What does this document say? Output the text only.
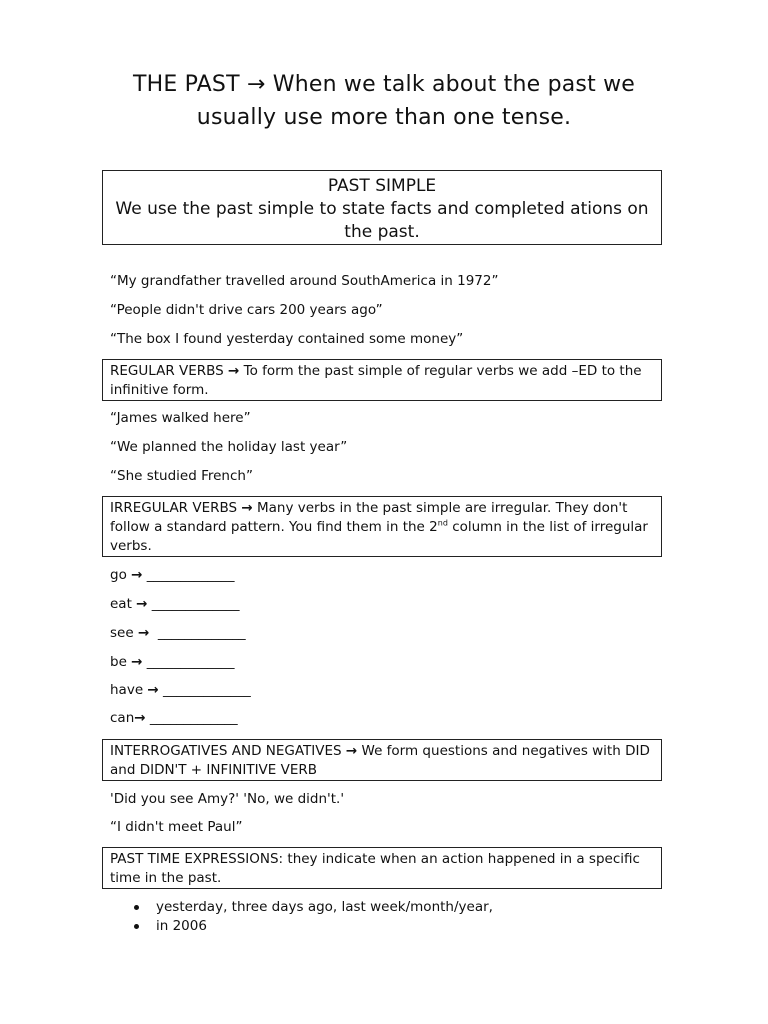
THE PAST → When we talk about the past we
usually use more than one tense.
PAST SIMPLE
We use the past simple to state facts and completed ations on the past.
“My grandfather travelled around SouthAmerica in 1972”
“People didn't drive cars 200 years ago”
“The box I found yesterday contained some money”
REGULAR VERBS → To form the past simple of regular verbs we add –ED to the infinitive form.
“James walked here”
“We planned the holiday last year”
“She studied French”
IRREGULAR VERBS → Many verbs in the past simple are irregular. They don't follow a standard pattern. You find them in the 2nd column in the list of irregular verbs.
go → _____________
eat → _____________
see → _____________
be → _____________
have → _____________
can→ _____________
INTERROGATIVES AND NEGATIVES → We form questions and negatives with DID and DIDN'T + INFINITIVE VERB
'Did you see Amy?' 'No, we didn't.'
“I didn't meet Paul”
PAST TIME EXPRESSIONS: they indicate when an action happened in a specific time in the past.
yesterday, three days ago, last week/month/year,
in 2006
